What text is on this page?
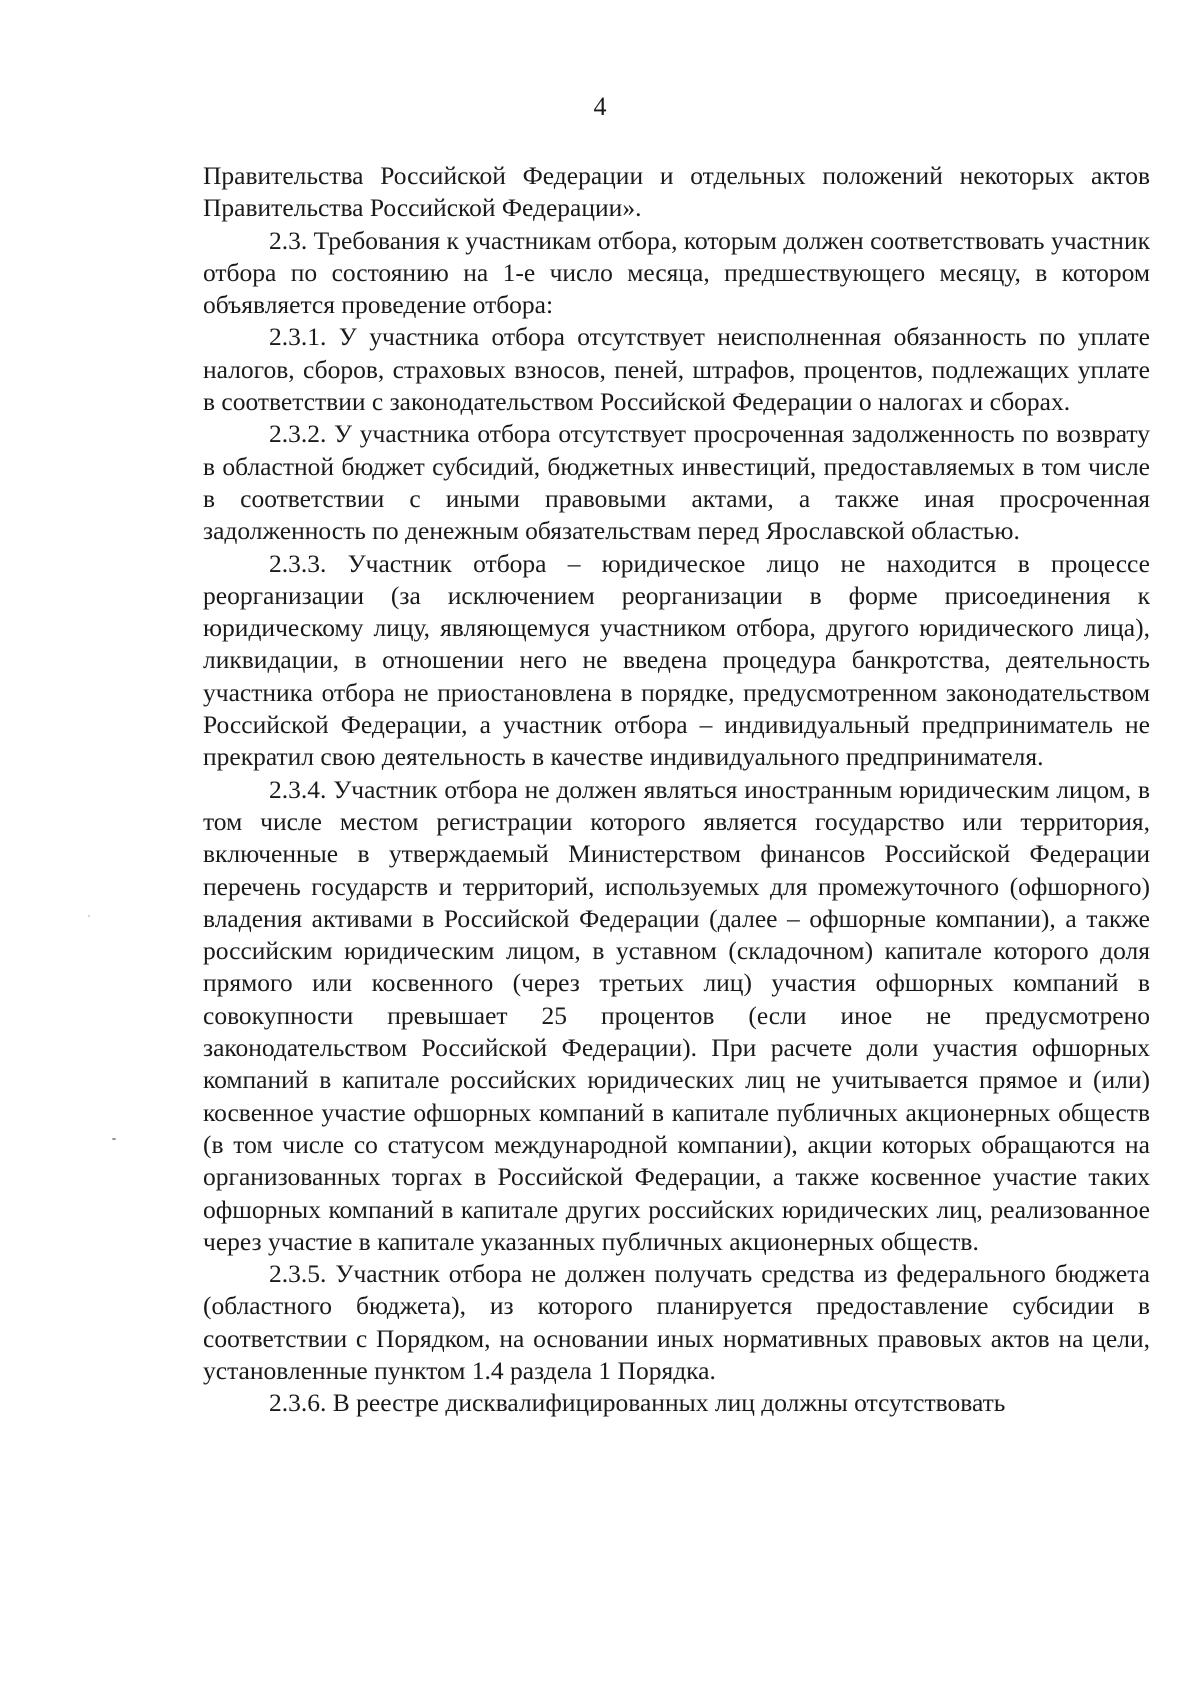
4

Правительства Российской Федерации и отдельных положений некоторых актов Правительства Российской Федерации».

2.3. Требования к участникам отбора, которым должен соответствовать участник отбора по состоянию на 1-е число месяца, предшествующего месяцу, в котором объявляется проведение отбора:

2.3.1. У участника отбора отсутствует неисполненная обязанность по уплате налогов, сборов, страховых взносов, пеней, штрафов, процентов, подлежащих уплате в соответствии с законодательством Российской Федерации о налогах и сборах.

2.3.2. У участника отбора отсутствует просроченная задолженность по возврату в областной бюджет субсидий, бюджетных инвестиций, предоставляемых в том числе в соответствии с иными правовыми актами, а также иная просроченная задолженность по денежным обязательствам перед Ярославской областью.

2.3.3. Участник отбора – юридическое лицо не находится в процессе реорганизации (за исключением реорганизации в форме присоединения к юридическому лицу, являющемуся участником отбора, другого юридического лица), ликвидации, в отношении него не введена процедура банкротства, деятельность участника отбора не приостановлена в порядке, предусмотренном законодательством Российской Федерации, а участник отбора – индивидуальный предприниматель не прекратил свою деятельность в качестве индивидуального предпринимателя.

2.3.4. Участник отбора не должен являться иностранным юридическим лицом, в том числе местом регистрации которого является государство или территория, включенные в утверждаемый Министерством финансов Российской Федерации перечень государств и территорий, используемых для промежуточного (офшорного) владения активами в Российской Федерации (далее – офшорные компании), а также российским юридическим лицом, в уставном (складочном) капитале которого доля прямого или косвенного (через третьих лиц) участия офшорных компаний в совокупности превышает 25 процентов (если иное не предусмотрено законодательством Российской Федерации). При расчете доли участия офшорных компаний в капитале российских юридических лиц не учитывается прямое и (или) косвенное участие офшорных компаний в капитале публичных акционерных обществ (в том числе со статусом международной компании), акции которых обращаются на организованных торгах в Российской Федерации, а также косвенное участие таких офшорных компаний в капитале других российских юридических лиц, реализованное через участие в капитале указанных публичных акционерных обществ.

2.3.5. Участник отбора не должен получать средства из федерального бюджета (областного бюджета), из которого планируется предоставление субсидии в соответствии с Порядком, на основании иных нормативных правовых актов на цели, установленные пунктом 1.4 раздела 1 Порядка.

2.3.6. В реестре дисквалифицированных лиц должны отсутствовать
